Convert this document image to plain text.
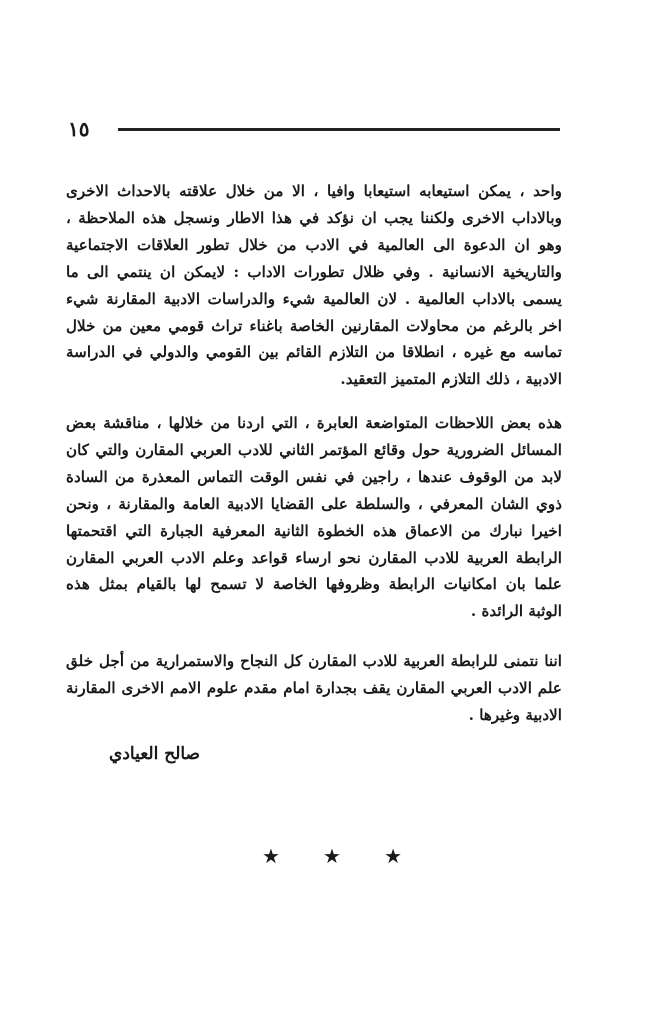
١٥

واحد ، يمكن استيعابه استيعابا وافيا ، الا من خلال علاقته بالاحداث الاخرى وبالاداب الاخرى ولكننا يجب ان نؤكد في هذا الاطار ونسجل هذه الملاحظة ، وهو ان الدعوة الى العالمية في الادب من خلال تطور العلاقات الاجتماعية والتاريخية الانسانية . وفي ظلال تطورات الاداب : لايمكن ان ينتمي الى ما يسمى بالاداب العالمية . لان العالمية شيء والدراسات الادبية المقارنة شيء اخر بالرغم من محاولات المقارنين الخاصة باغناء تراث قومي معين من خلال تماسه مع غيره ، انطلاقا من التلازم القائم بين القومي والدولي في الدراسة الادبية ، ذلك التلازم المتميز التعقيد.

هذه بعض اللاحظات المتواضعة العابرة ، التي اردنا من خلالها ، مناقشة بعض المسائل الضرورية حول وقائع المؤتمر الثاني للادب العربي المقارن والتي كان لابد من الوقوف عندها ، راجين في نفس الوقت التماس المعذرة من السادة ذوي الشان المعرفي ، والسلطة على القضايا الادبية العامة والمقارنة ، ونحن اخيرا نبارك من الاعماق هذه الخطوة الثانية المعرفية الجبارة التي اقتحمتها الرابطة العربية للادب المقارن نحو ارساء قواعد وعلم الادب العربي المقارن علما بان امكانيات الرابطة وظروفها الخاصة لا تسمح لها بالقيام بمثل هذه الوثبة الرائدة .

اننا نتمنى للرابطة العربية للادب المقارن كل النجاح والاستمرارية من أجل خلق علم الادب العربي المقارن يقف بجدارة امام مقدم علوم الامم الاخرى المقارنة الادبية وغيرها .

صالح العيادي
★ ★ ★
